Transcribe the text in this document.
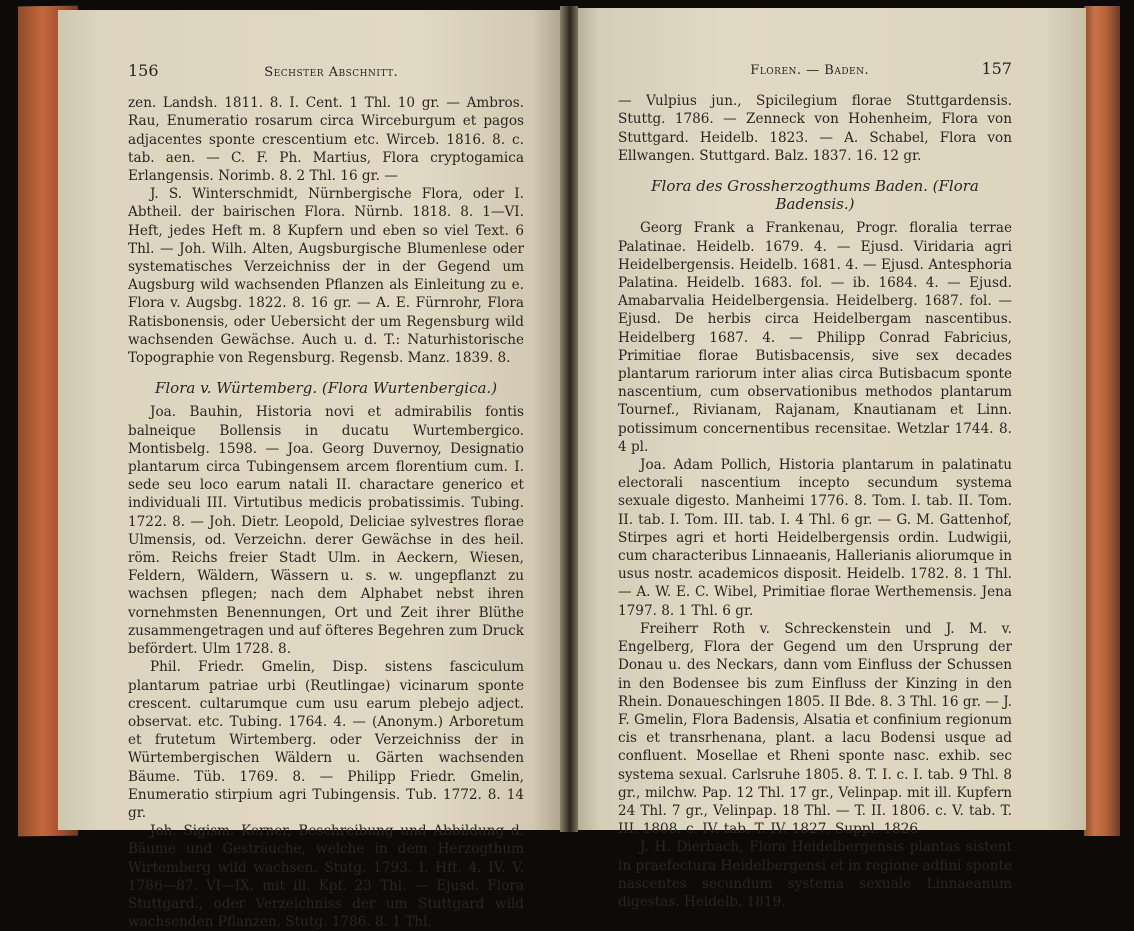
156	Sechster Abschnitt.

zen. Landsh. 1811. 8. I. Cent. 1 Thl. 10 gr. — Ambros. Rau, Enumeratio rosarum circa Wirceburgum et pagos adjacentes sponte crescentium etc. Wirceb. 1816. 8. c. tab. aen. — C. F. Ph. Martius, Flora cryptogamica Erlangensis. Norimb. 8. 2 Thl. 16 gr. —

J. S. Winterschmidt, Nürnbergische Flora, oder I. Abtheil. der bairischen Flora. Nürnb. 1818. 8. 1—VI. Heft, jedes Heft m. 8 Kupfern und eben so viel Text. 6 Thl. — Joh. Wilh. Alten, Augsburgische Blumenlese oder systematisches Verzeichniss der in der Gegend um Augsburg wild wachsenden Pflanzen als Einleitung zu e. Flora v. Augsbg. 1822. 8. 16 gr. — A. E. Fürnrohr, Flora Ratisbonensis, oder Uebersicht der um Regensburg wild wachsenden Gewächse. Auch u. d. T.: Naturhistorische Topographie von Regensburg. Regensb. Manz. 1839. 8.

Flora v. Würtemberg. (Flora Wurtenbergica.)

Joa. Bauhin, Historia novi et admirabilis fontis balneique Bollensis in ducatu Wurtembergico. Montisbelg. 1598. — Joa. Georg Duvernoy, Designatio plantarum circa Tubingensem arcem florentium cum. I. sede seu loco earum natali II. charactare generico et individuali III. Virtutibus medicis probatissimis. Tubing. 1722. 8. — Joh. Dietr. Leopold, Deliciae sylvestres florae Ulmensis, od. Verzeichn. derer Gewächse in des heil. röm. Reichs freier Stadt Ulm. in Aeckern, Wiesen, Feldern, Wäldern, Wässern u. s. w. ungepflanzt zu wachsen pflegen; nach dem Alphabet nebst ihren vornehmsten Benennungen, Ort und Zeit ihrer Blüthe zusammengetragen und auf öfteres Begehren zum Druck befördert. Ulm 1728. 8.

Phil. Friedr. Gmelin, Disp. sistens fasciculum plantarum patriae urbi (Reutlingae) vicinarum sponte crescent. cultarumque cum usu earum plebejo adject. observat. etc. Tubing. 1764. 4. — (Anonym.) Arboretum et frutetum Wirtemberg. oder Verzeichniss der in Würtembergischen Wäldern u. Gärten wachsenden Bäume. Tüb. 1769. 8. — Philipp Friedr. Gmelin, Enumeratio stirpium agri Tubingensis. Tub. 1772. 8. 14 gr.

Joh. Sigism. Kerner, Beschreibung und Abbildung d. Bäume und Gesträuche, welche in dem Herzogthum Wirtemberg wild wachsen. Stutg. 1793. I. Hft. 4. IV. V. 1786—87. VI—IX. mit ill. Kpf. 23 Thl. — Ejusd. Flora Stuttgard., oder Verzeichniss der um Stuttgard wild wachsenden Pflanzen. Stutg. 1786. 8. 1 Thl.

Floren. — Baden.	157

— Vulpius jun., Spicilegium florae Stuttgardensis. Stuttg. 1786. — Zenneck von Hohenheim, Flora von Stuttgard. Heidelb. 1823. — A. Schabel, Flora von Ellwangen. Stuttgard. Balz. 1837. 16. 12 gr.

Flora des Grossherzogthums Baden. (Flora Badensis.)

Georg Frank a Frankenau, Progr. floralia terrae Palatinae. Heidelb. 1679. 4. — Ejusd. Viridaria agri Heidelbergensis. Heidelb. 1681. 4. — Ejusd. Antesphoria Palatina. Heidelb. 1683. fol. — ib. 1684. 4. — Ejusd. Amabarvalia Heidelbergensia. Heidelberg. 1687. fol. — Ejusd. De herbis circa Heidelbergam nascentibus. Heidelberg 1687. 4. — Philipp Conrad Fabricius, Primitiae florae Butisbacensis, sive sex decades plantarum rariorum inter alias circa Butisbacum sponte nascentium, cum observationibus methodos plantarum Tournef., Rivianam, Rajanam, Knautianam et Linn. potissimum concernentibus recensitae. Wetzlar 1744. 8. 4 pl.

Joa. Adam Pollich, Historia plantarum in palatinatu electorali nascentium incepto secundum systema sexuale digesto. Manheimi 1776. 8. Tom. I. tab. II. Tom. II. tab. I. Tom. III. tab. I. 4 Thl. 6 gr. — G. M. Gattenhof, Stirpes agri et horti Heidelbergensis ordin. Ludwigii, cum characteribus Linnaeanis, Hallerianis aliorumque in usus nostr. academicos disposit. Heidelb. 1782. 8. 1 Thl. — A. W. E. C. Wibel, Primitiae florae Werthemensis. Jena 1797. 8. 1 Thl. 6 gr.

Freiherr Roth v. Schreckenstein und J. M. v. Engelberg, Flora der Gegend um den Ursprung der Donau u. des Neckars, dann vom Einfluss der Schussen in den Bodensee bis zum Einfluss der Kinzing in den Rhein. Donaueschingen 1805. II Bde. 8. 3 Thl. 16 gr. — J. F. Gmelin, Flora Badensis, Alsatia et confinium regionum cis et transrhenana, plant. a lacu Bodensi usque ad confluent. Mosellae et Rheni sponte nasc. exhib. sec systema sexual. Carlsruhe 1805. 8. T. I. c. I. tab. 9 Thl. 8 gr., milchw. Pap. 12 Thl. 17 gr., Velinpap. mit ill. Kupfern 24 Thl. 7 gr., Velinpap. 18 Thl. — T. II. 1806. c. V. tab. T. III. 1808. c. IV. tab. T. IV. 1827. Suppl. 1826.

J. H. Dierbach, Flora Heidelbergensis plantas sistent in praefectura Heidelbergensi et in regione adfini sponte nascentes secundum systema sexuale Linnaeanum digestas. Heidelb. 1819.
